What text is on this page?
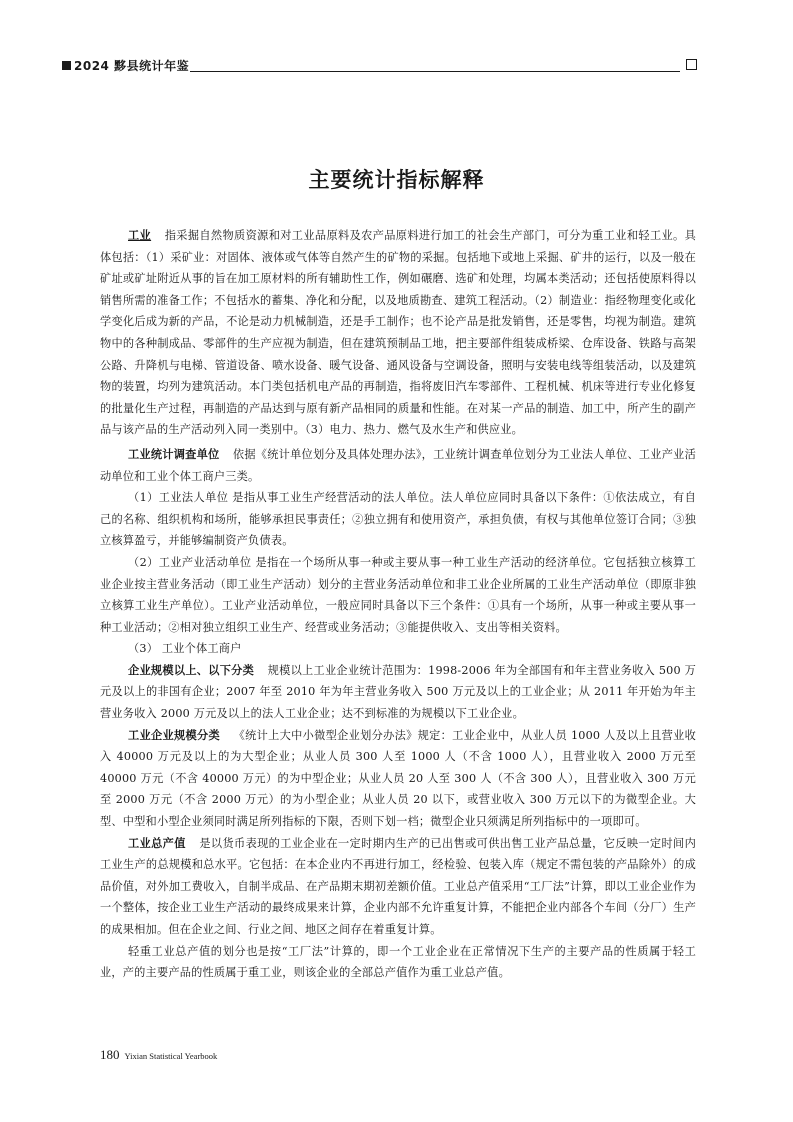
2024 黟县统计年鉴
主要统计指标解释

工业 指采掘自然物质资源和对工业品原料及农产品原料进行加工的社会生产部门，可分为重工业和轻工业。具体包括：（1）采矿业：对固体、液体或气体等自然产生的矿物的采掘。包括地下或地上采掘、矿井的运行，以及一般在矿址或矿址附近从事的旨在加工原材料的所有辅助性工作，例如碾磨、选矿和处理，均属本类活动；还包括使原料得以销售所需的准备工作；不包括水的蓄集、净化和分配，以及地质勘查、建筑工程活动。（2）制造业：指经物理变化或化学变化后成为新的产品，不论是动力机械制造，还是手工制作；也不论产品是批发销售，还是零售，均视为制造。建筑物中的各种制成品、零部件的生产应视为制造，但在建筑预制品工地，把主要部件组装成桥梁、仓库设备、铁路与高架公路、升降机与电梯、管道设备、喷水设备、暖气设备、通风设备与空调设备，照明与安装电线等组装活动，以及建筑物的装置，均列为建筑活动。本门类包括机电产品的再制造，指将废旧汽车零部件、工程机械、机床等进行专业化修复的批量化生产过程，再制造的产品达到与原有新产品相同的质量和性能。在对某一产品的制造、加工中，所产生的副产品与该产品的生产活动列入同一类别中。（3）电力、热力、燃气及水生产和供应业。

工业统计调查单位 依据《统计单位划分及具体处理办法》，工业统计调查单位划分为工业法人单位、工业产业活动单位和工业个体工商户三类。

（1）工业法人单位 是指从事工业生产经营活动的法人单位。法人单位应同时具备以下条件：①依法成立，有自己的名称、组织机构和场所，能够承担民事责任；②独立拥有和使用资产，承担负债，有权与其他单位签订合同；③独立核算盈亏，并能够编制资产负债表。

（2）工业产业活动单位 是指在一个场所从事一种或主要从事一种工业生产活动的经济单位。它包括独立核算工业企业按主营业务活动（即工业生产活动）划分的主营业务活动单位和非工业企业所属的工业生产活动单位（即原非独立核算工业生产单位）。工业产业活动单位，一般应同时具备以下三个条件：①具有一个场所，从事一种或主要从事一种工业活动；②相对独立组织工业生产、经营或业务活动；③能提供收入、支出等相关资料。

（3） 工业个体工商户

企业规模以上、以下分类 规模以上工业企业统计范围为：1998-2006 年为全部国有和年主营业务收入 500 万元及以上的非国有企业；2007 年至 2010 年为年主营业务收入 500 万元及以上的工业企业；从 2011 年开始为年主营业务收入 2000 万元及以上的法人工业企业；达不到标准的为规模以下工业企业。

工业企业规模分类 《统计上大中小微型企业划分办法》规定：工业企业中，从业人员 1000 人及以上且营业收入 40000 万元及以上的为大型企业；从业人员 300 人至 1000 人（不含 1000 人），且营业收入 2000 万元至 40000 万元（不含 40000 万元）的为中型企业；从业人员 20 人至 300 人（不含 300 人），且营业收入 300 万元至 2000 万元（不含 2000 万元）的为小型企业；从业人员 20 以下，或营业收入 300 万元以下的为微型企业。大型、中型和小型企业须同时满足所列指标的下限，否则下划一档；微型企业只须满足所列指标中的一项即可。

工业总产值 是以货币表现的工业企业在一定时期内生产的已出售或可供出售工业产品总量，它反映一定时间内工业生产的总规模和总水平。它包括：在本企业内不再进行加工，经检验、包装入库（规定不需包装的产品除外）的成品价值，对外加工费收入，自制半成品、在产品期末期初差额价值。工业总产值采用“工厂法”计算，即以工业企业作为一个整体，按企业工业生产活动的最终成果来计算，企业内部不允许重复计算，不能把企业内部各个车间（分厂）生产的成果相加。但在企业之间、行业之间、地区之间存在着重复计算。

轻重工业总产值的划分也是按“工厂法”计算的，即一个工业企业在正常情况下生产的主要产品的性质属于轻工业，产的主要产品的性质属于重工业，则该企业的全部总产值作为重工业总产值。

180 Yixian Statistical Yearbook
